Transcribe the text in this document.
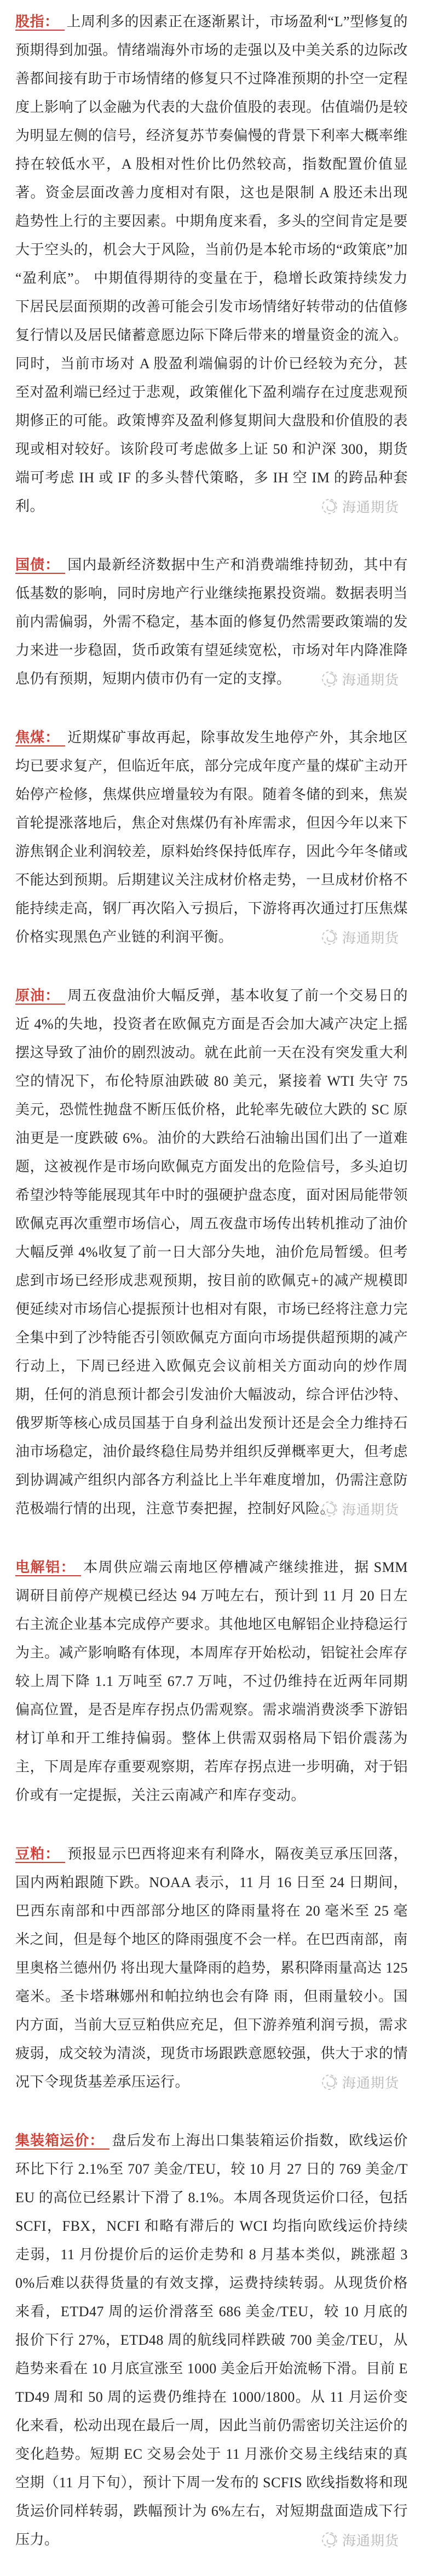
股指： 上周利多的因素正在逐渐累计，市场盈利“L”型修复的预期得到加强。情绪端海外市场的走强以及中美关系的边际改善都间接有助于市场情绪的修复只不过降准预期的扑空一定程度上影响了以金融为代表的大盘价值股的表现。估值端仍是较为明显左侧的信号，经济复苏节奏偏慢的背景下利率大概率维持在较低水平，A 股相对性价比仍然较高，指数配置价值显著。资金层面改善力度相对有限，这也是限制 A 股还未出现趋势性上行的主要因素。中期角度来看，多头的空间肯定是要大于空头的，机会大于风险，当前仍是本轮市场的“政策底”加“盈利底”。 中期值得期待的变量在于，稳增长政策持续发力下居民层面预期的改善可能会引发市场情绪好转带动的估值修复行情以及居民储蓄意愿边际下降后带来的增量资金的流入。同时，当前市场对 A 股盈利端偏弱的计价已经较为充分，甚至对盈利端已经过于悲观，政策催化下盈利端存在过度悲观预期修正的可能。政策博弈及盈利修复期间大盘股和价值股的表现或相对较好。该阶段可考虑做多上证 50 和沪深 300，期货端可考虑 IH 或 IF 的多头替代策略，多 IH 空 IM 的跨品种套利。	海通期货

国债： 国内最新经济数据中生产和消费端维持韧劲，其中有低基数的影响，同时房地产行业继续拖累投资端。数据表明当前内需偏弱，外需不稳定，基本面的修复仍然需要政策端的发力来进一步稳固，货币政策有望延续宽松，市场对年内降准降息仍有预期，短期内债市仍有一定的支撑。	海通期货

焦煤： 近期煤矿事故再起，除事故发生地停产外，其余地区均已要求复产，但临近年底，部分完成年度产量的煤矿主动开始停产检修，焦煤供应增量较为有限。随着冬储的到来，焦炭首轮提涨落地后，焦企对焦煤仍有补库需求，但因今年以来下游焦钢企业利润较差，原料始终保持低库存，因此今年冬储或不能达到预期。后期建议关注成材价格走势，一旦成材价格不能持续走高，钢厂再次陷入亏损后，下游将再次通过打压焦煤价格实现黑色产业链的利润平衡。	海通期货

原油： 周五夜盘油价大幅反弹，基本收复了前一个交易日的近 4%的失地，投资者在欧佩克方面是否会加大减产决定上摇摆这导致了油价的剧烈波动。就在此前一天在没有突发重大利空的情况下，布伦特原油跌破 80 美元，紧接着 WTI 失守 75 美元，恐慌性抛盘不断压低价格，此轮率先破位大跌的 SC 原油更是一度跌破 6%。油价的大跌给石油输出国们出了一道难题，这被视作是市场向欧佩克方面发出的危险信号，多头迫切希望沙特等能展现其年中时的强硬护盘态度，面对困局能带领欧佩克再次重塑市场信心，周五夜盘市场传出转机推动了油价大幅反弹 4%收复了前一日大部分失地，油价危局暂缓。但考虑到市场已经形成悲观预期，按目前的欧佩克+的减产规模即便延续对市场信心提振预计也相对有限，市场已经将注意力完全集中到了沙特能否引领欧佩克方面向市场提供超预期的减产行动上，下周已经进入欧佩克会议前相关方面动向的炒作周期，任何的消息预计都会引发油价大幅波动，综合评估沙特、俄罗斯等核心成员国基于自身利益出发预计还是会全力维持石油市场稳定，油价最终稳住局势并组织反弹概率更大，但考虑到协调减产组织内部各方利益比上半年难度增加，仍需注意防范极端行情的出现，注意节奏把握，控制好风险。 海通期货

电解铝： 本周供应端云南地区停槽减产继续推进，据 SMM 调研目前停产规模已经达 94 万吨左右，预计到 11 月 20 日左右主流企业基本完成停产要求。其他地区电解铝企业持稳运行为主。减产影响略有体现，本周库存开始松动，铝锭社会库存较上周下降 1.1 万吨至 67.7 万吨，不过仍维持在近两年同期偏高位置，是否是库存拐点仍需观察。需求端消费淡季下游铝材订单和开工维持偏弱。整体上供需双弱格局下铝价震荡为主，下周是库存重要观察期，若库存拐点进一步明确，对于铝价或有一定提振，关注云南减产和库存变动。

豆粕： 预报显示巴西将迎来有利降水，隔夜美豆承压回落，国内两粕跟随下跌。NOAA 表示，11 月 16 日至 24 日期间，巴西东南部和中西部部分地区的降雨量将在 20 毫米至 25 毫米之间，但是每个地区的降雨强度不会一样。在巴西南部，南里奥格兰德州仍 将出现大量降雨的趋势，累积降雨量高达 125 毫米。圣卡塔琳娜州和帕拉纳也会有降 雨，但雨量较小。国内方面，当前大豆豆粕供应充足，但下游养殖利润亏损，需求疲弱，成交较为清淡，现货市场跟跌意愿较强，供大于求的情况下令现货基差承压运行。	海通期货

集装箱运价： 盘后发布上海出口集装箱运价指数，欧线运价环比下行 2.1%至 707 美金/TEU，较 10 月 27 日的 769 美金/TEU 的高位已经累计下滑了 8.1%。本周各现货运价口径，包括 SCFI，FBX，NCFI 和略有滞后的 WCI 均指向欧线运价持续走弱，11 月份提价后的运价走势和 8 月基本类似，跳涨超 30%后难以获得货量的有效支撑，运费持续转弱。从现货价格来看，ETD47 周的运价滑落至 686 美金/TEU，较 10 月底的报价下行 27%，ETD48 周的航线同样跌破 700 美金/TEU，从趋势来看在 10 月底宣涨至 1000 美金后开始流畅下滑。目前 ETD49 周和 50 周的运费仍维持在 1000/1800。从 11 月运价变化来看，松动出现在最后一周，因此当前仍需密切关注运价的变化趋势。短期 EC 交易会处于 11 月涨价交易主线结束的真空期（11 月下旬），预计下周一发布的 SCFIS 欧线指数将和现货运价同样转弱，跌幅预计为 6%左右，对短期盘面造成下行压力。	海通期货
